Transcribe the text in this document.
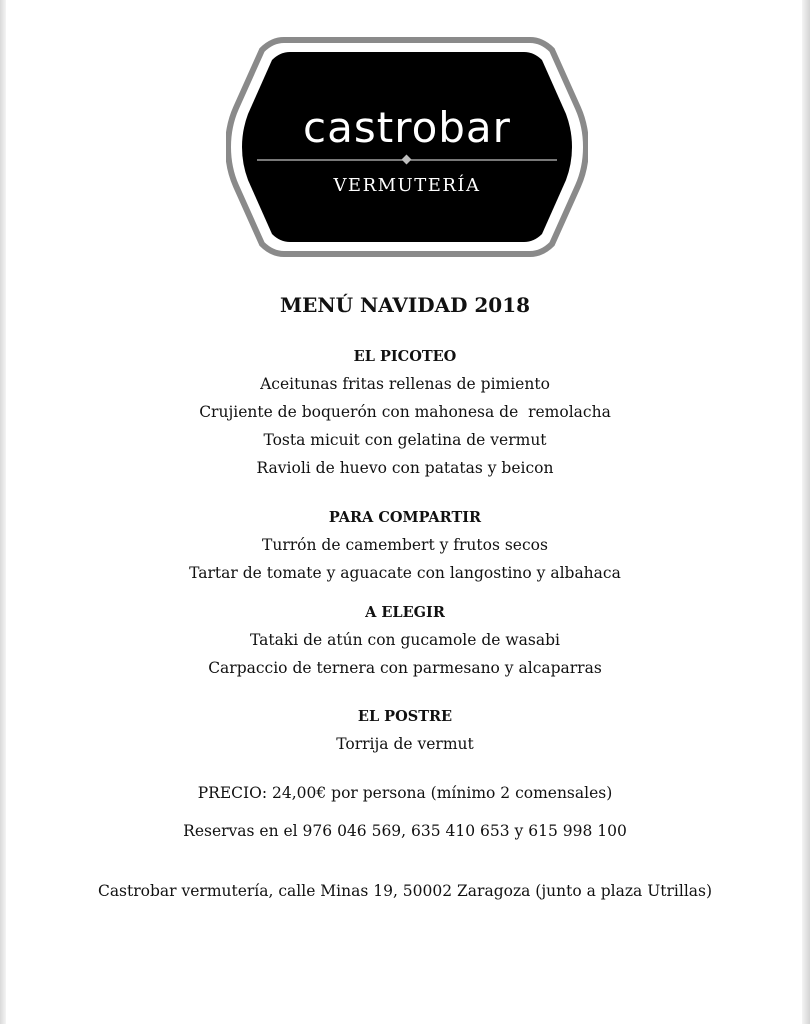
castrobar
VERMUTERÍA
MENÚ NAVIDAD 2018
EL PICOTEO
Aceitunas fritas rellenas de pimiento
Crujiente de boquerón con mahonesa de  remolacha
Tosta micuit con gelatina de vermut
Ravioli de huevo con patatas y beicon
PARA COMPARTIR
Turrón de camembert y frutos secos
Tartar de tomate y aguacate con langostino y albahaca
A ELEGIR
Tataki de atún con gucamole de wasabi
Carpaccio de ternera con parmesano y alcaparras
EL POSTRE
Torrija de vermut
PRECIO: 24,00€ por persona (mínimo 2 comensales)
Reservas en el 976 046 569, 635 410 653 y 615 998 100
Castrobar vermutería, calle Minas 19, 50002 Zaragoza (junto a plaza Utrillas)
